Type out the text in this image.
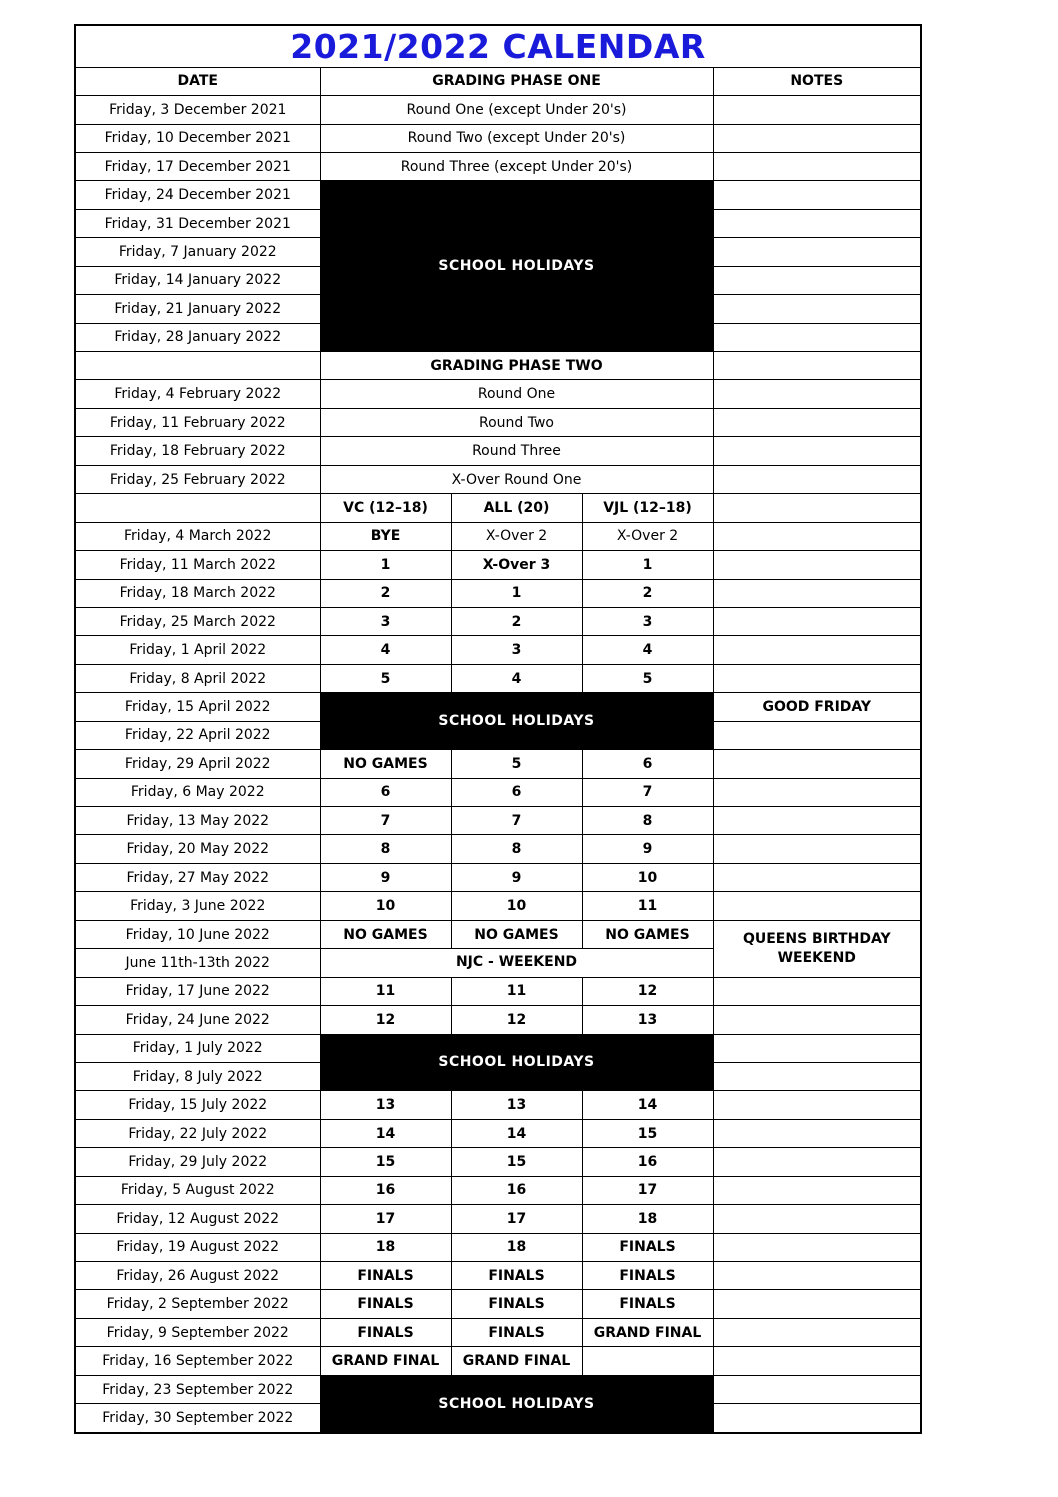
2021/2022 CALENDAR				
DATE	GRADING PHASE ONE			NOTES
Friday, 3 December 2021	Round One (except Under 20's)			
Friday, 10 December 2021	Round Two (except Under 20's)			
Friday, 17 December 2021	Round Three (except Under 20's)			
Friday, 24 December 2021	SCHOOL HOLIDAYS			
Friday, 31 December 2021				
Friday, 7 January 2022				
Friday, 14 January 2022				
Friday, 21 January 2022				
Friday, 28 January 2022				
	GRADING PHASE TWO			
Friday, 4 February 2022	Round One			
Friday, 11 February 2022	Round Two			
Friday, 18 February 2022	Round Three			
Friday, 25 February 2022	X-Over Round One			
	VC (12–18)	ALL (20)	VJL (12–18)	
Friday, 4 March 2022	BYE	X-Over 2	X-Over 2	
Friday, 11 March 2022	1	X-Over 3	1	
Friday, 18 March 2022	2	1	2	
Friday, 25 March 2022	3	2	3	
Friday, 1 April 2022	4	3	4	
Friday, 8 April 2022	5	4	5	
Friday, 15 April 2022	SCHOOL HOLIDAYS			GOOD FRIDAY
Friday, 22 April 2022				
Friday, 29 April 2022	NO GAMES	5	6	
Friday, 6 May 2022	6	6	7	
Friday, 13 May 2022	7	7	8	
Friday, 20 May 2022	8	8	9	
Friday, 27 May 2022	9	9	10	
Friday, 3 June 2022	10	10	11	
Friday, 10 June 2022	NO GAMES	NO GAMES	NO GAMES	QUEENS BIRTHDAY WEEKEND
June 11th-13th 2022	NJC - WEEKEND			
Friday, 17 June 2022	11	11	12	
Friday, 24 June 2022	12	12	13	
Friday, 1 July 2022	SCHOOL HOLIDAYS			
Friday, 8 July 2022				
Friday, 15 July 2022	13	13	14	
Friday, 22 July 2022	14	14	15	
Friday, 29 July 2022	15	15	16	
Friday, 5 August 2022	16	16	17	
Friday, 12 August 2022	17	17	18	
Friday, 19 August 2022	18	18	FINALS	
Friday, 26 August 2022	FINALS	FINALS	FINALS	
Friday, 2 September 2022	FINALS	FINALS	FINALS	
Friday, 9 September 2022	FINALS	FINALS	GRAND FINAL	
Friday, 16 September 2022	GRAND FINAL	GRAND FINAL		
Friday, 23 September 2022	SCHOOL HOLIDAYS			
Friday, 30 September 2022				
